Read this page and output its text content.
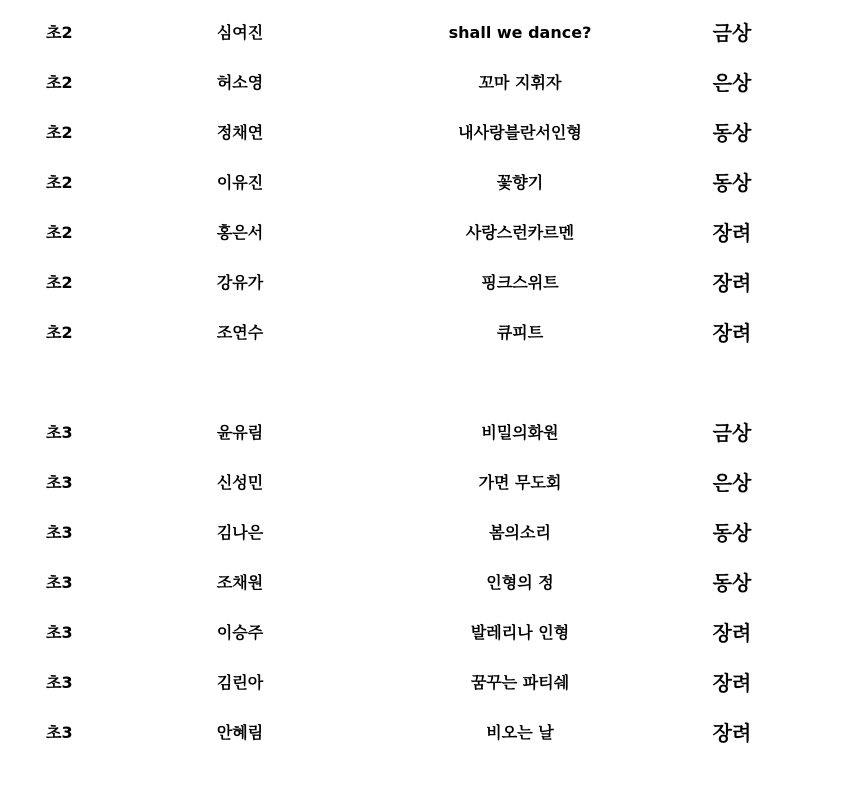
초2	심여진	shall we dance?	금상
초2	허소영	꼬마 지휘자	은상
초2	정채연	내사랑블란서인형	동상
초2	이유진	꽃향기	동상
초2	홍은서	사랑스런카르멘	장려
초2	강유가	핑크스위트	장려
초2	조연수	큐피트	장려
초3	윤유림	비밀의화원	금상
초3	신성민	가면 무도회	은상
초3	김나은	봄의소리	동상
초3	조채원	인형의 정	동상
초3	이승주	발레리나 인형	장려
초3	김린아	꿈꾸는 파티쉐	장려
초3	안혜림	비오는 날	장려
